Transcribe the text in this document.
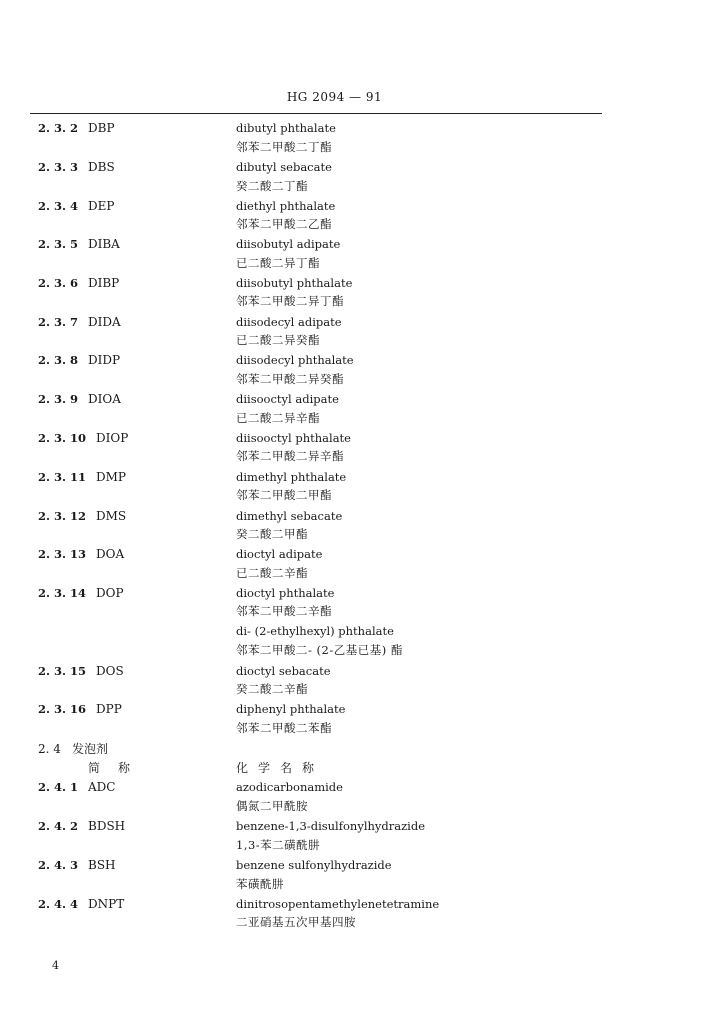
HG 2094 — 91
2. 3. 2 DBP	dibutyl phthalate
邻苯二甲酸二丁酯
2. 3. 3 DBS	dibutyl sebacate
癸二酸二丁酯
2. 3. 4 DEP	diethyl phthalate
邻苯二甲酸二乙酯
2. 3. 5 DIBA	diisobutyl adipate
已二酸二异丁酯
2. 3. 6 DIBP	diisobutyl phthalate
邻苯二甲酸二异丁酯
2. 3. 7 DIDA	diisodecyl adipate
已二酸二异癸酯
2. 3. 8 DIDP	diisodecyl phthalate
邻苯二甲酸二异癸酯
2. 3. 9 DIOA	diisooctyl adipate
已二酸二异辛酯
2. 3. 10 DIOP	diisooctyl phthalate
邻苯二甲酸二异辛酯
2. 3. 11 DMP	dimethyl phthalate
邻苯二甲酸二甲酯
2. 3. 12 DMS	dimethyl sebacate
癸二酸二甲酯
2. 3. 13 DOA	dioctyl adipate
已二酸二辛酯
2. 3. 14 DOP	dioctyl phthalate
邻苯二甲酸二辛酯
di- (2-ethylhexyl) phthalate
邻苯二甲酸二- (2-乙基已基) 酯
2. 3. 15 DOS	dioctyl sebacate
癸二酸二辛酯
2. 3. 16 DPP	diphenyl phthalate
邻苯二甲酸二苯酯
2. 4 发泡剂
简称	化学名称
2. 4. 1 ADC	azodicarbonamide
偶氮二甲酰胺
2. 4. 2 BDSH	benzene-1,3-disulfonylhydrazide
1,3-苯二磺酰肼
2. 4. 3 BSH	benzene sulfonylhydrazide
苯磺酰肼
2. 4. 4 DNPT	dinitrosopentamethylenetetramine
二亚硝基五次甲基四胺
4
